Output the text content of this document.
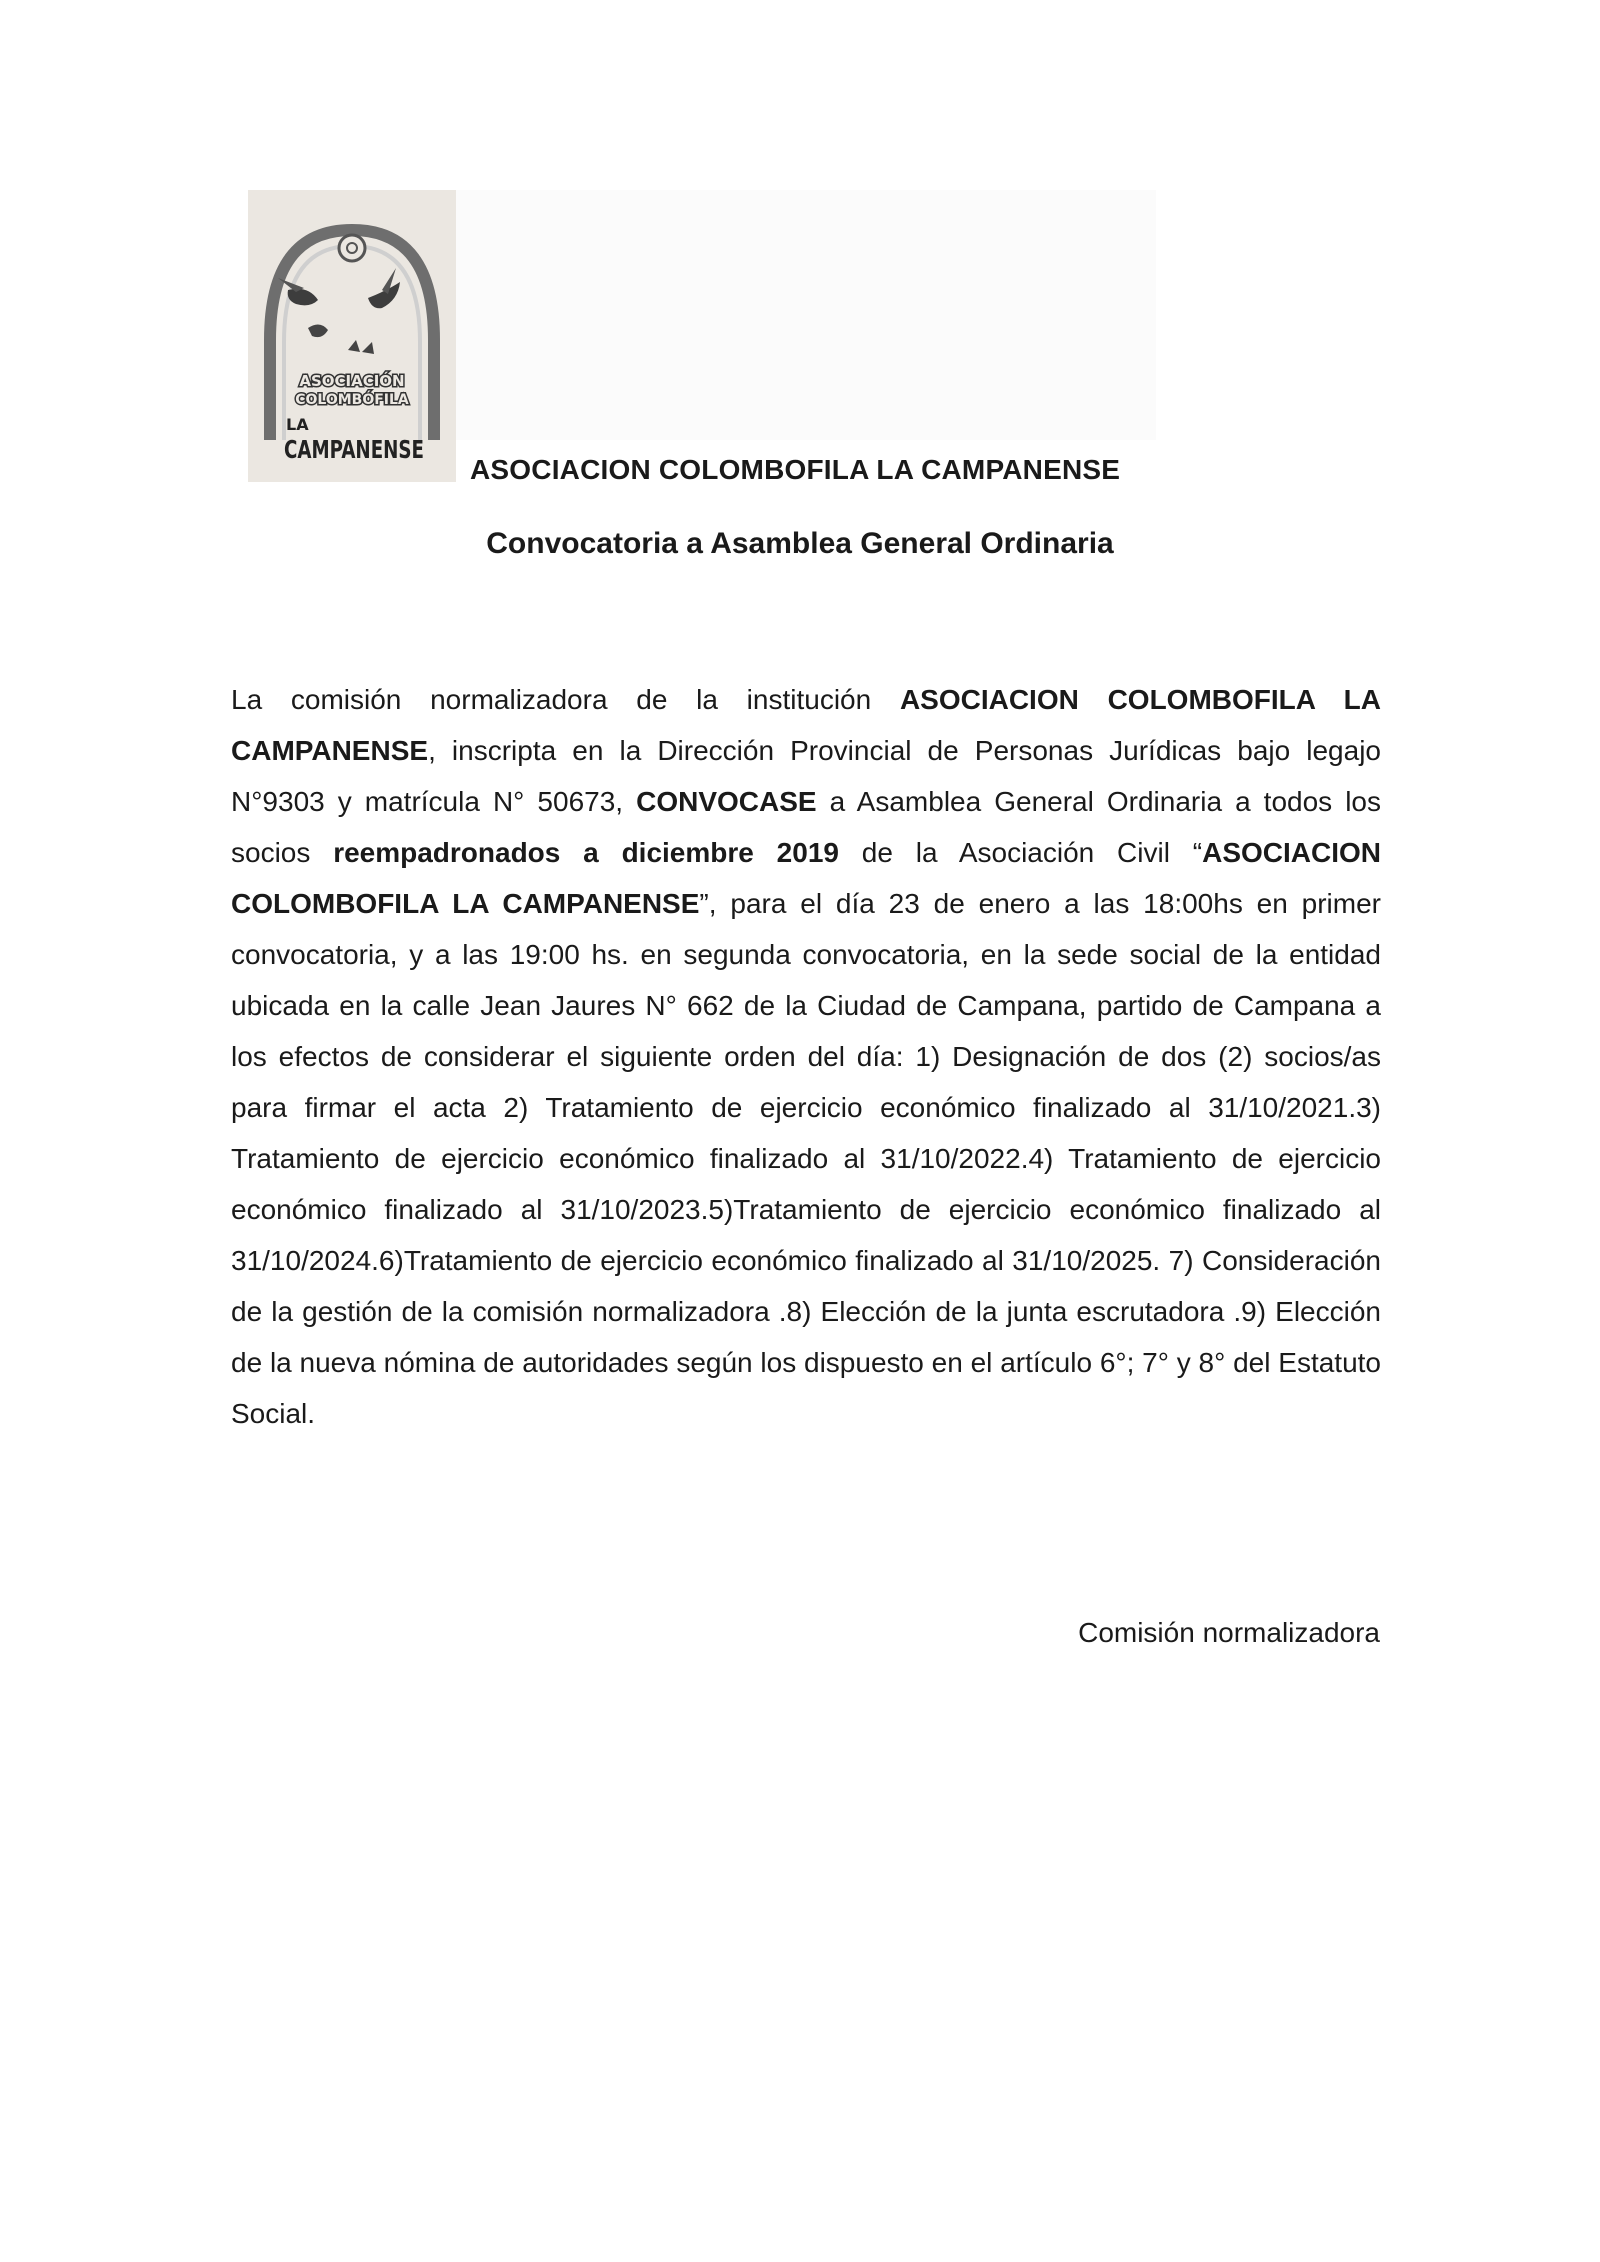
ASOCIACIÓN
COLOMBÓFILA
LA
CAMPANENSE
ASOCIACION COLOMBOFILA LA CAMPANENSE
Convocatoria a Asamblea General Ordinaria

La comisión normalizadora de la institución ASOCIACION COLOMBOFILA LA CAMPANENSE, inscripta en la Dirección Provincial de Personas Jurídicas bajo legajo N°9303 y matrícula N° 50673, CONVOCASE a Asamblea General Ordinaria a todos los socios reempadronados a diciembre 2019 de la Asociación Civil “ASOCIACION COLOMBOFILA LA CAMPANENSE”, para el día 23 de enero a las 18:00hs en primer convocatoria, y a las 19:00 hs. en segunda convocatoria, en la sede social de la entidad ubicada en la calle Jean Jaures N° 662 de la Ciudad de Campana, partido de Campana a los efectos de considerar el siguiente orden del día: 1) Designación de dos (2) socios/as para firmar el acta 2) Tratamiento de ejercicio económico finalizado al 31/10/2021.3) Tratamiento de ejercicio económico finalizado al 31/10/2022.4) Tratamiento de ejercicio económico finalizado al 31/10/2023.5)Tratamiento de ejercicio económico finalizado al 31/10/2024.6)Tratamiento de ejercicio económico finalizado al 31/10/2025. 7) Consideración de la gestión de la comisión normalizadora .8) Elección de la junta escrutadora .9) Elección de la nueva nómina de autoridades según los dispuesto en el artículo 6°; 7° y 8° del Estatuto Social.

Comisión normalizadora
